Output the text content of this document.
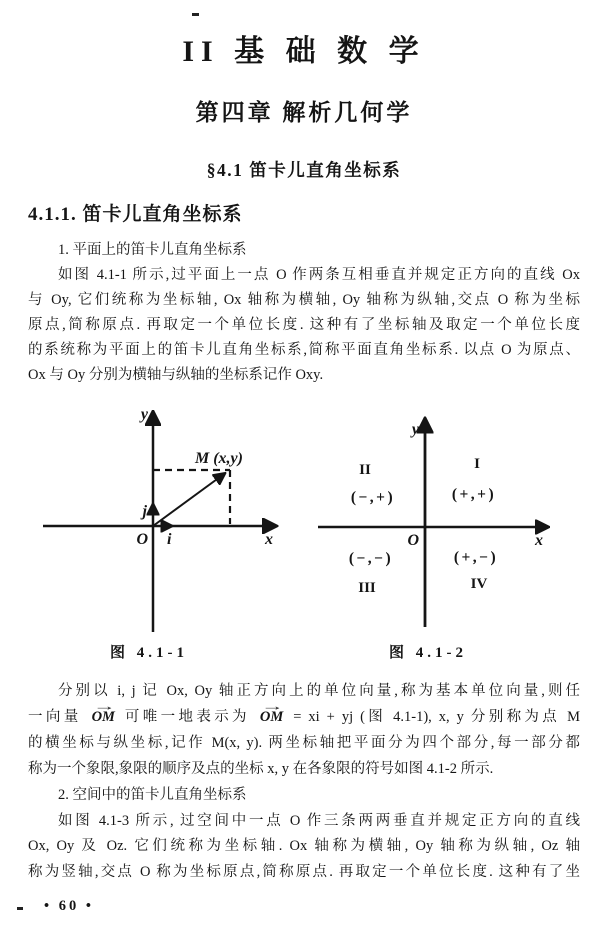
II 基 础 数 学
第四章 解析几何学
§4.1 笛卡儿直角坐标系
4.1.1. 笛卡儿直角坐标系

1. 平面上的笛卡儿直角坐标系

如图 4.1-1 所示,过平面上一点 O 作两条互相垂直并规定正方向的直线 Ox

与 Oy, 它们统称为坐标轴, Ox 轴称为横轴, Oy 轴称为纵轴,交点 O 称为坐标

原点,简称原点. 再取定一个单位长度. 这种有了坐标轴及取定一个单位长度

的系统称为平面上的笛卡儿直角坐标系,简称平面直角坐标系. 以点 O 为原点、

Ox 与 Oy 分别为横轴与纵轴的坐标系记作 Oxy.

y
x
O i
j
M (x,y)
y
x
O
II	I
(−,+)	(+,+)
(−,−)	(+,−)
III	IV
图 4.1-1	图 4.1-2

分别以 i, j 记 Ox, Oy 轴正方向上的单位向量,称为基本单位向量,则任

一向量
→
OM 可唯一地表示为
→
OM = xi + yj (图 4.1-1), x, y 分别称为点 M

的横坐标与纵坐标,记作 M(x, y). 两坐标轴把平面分为四个部分,每一部分都

称为一个象限,象限的顺序及点的坐标 x, y 在各象限的符号如图 4.1-2 所示.

2. 空间中的笛卡儿直角坐标系

如图 4.1-3 所示, 过空间中一点 O 作三条两两垂直并规定正方向的直线

Ox, Oy 及 Oz. 它们统称为坐标轴. Ox 轴称为横轴, Oy 轴称为纵轴, Oz 轴

称为竖轴,交点 O 称为坐标原点,简称原点. 再取定一个单位长度. 这种有了坐

• 60 •
